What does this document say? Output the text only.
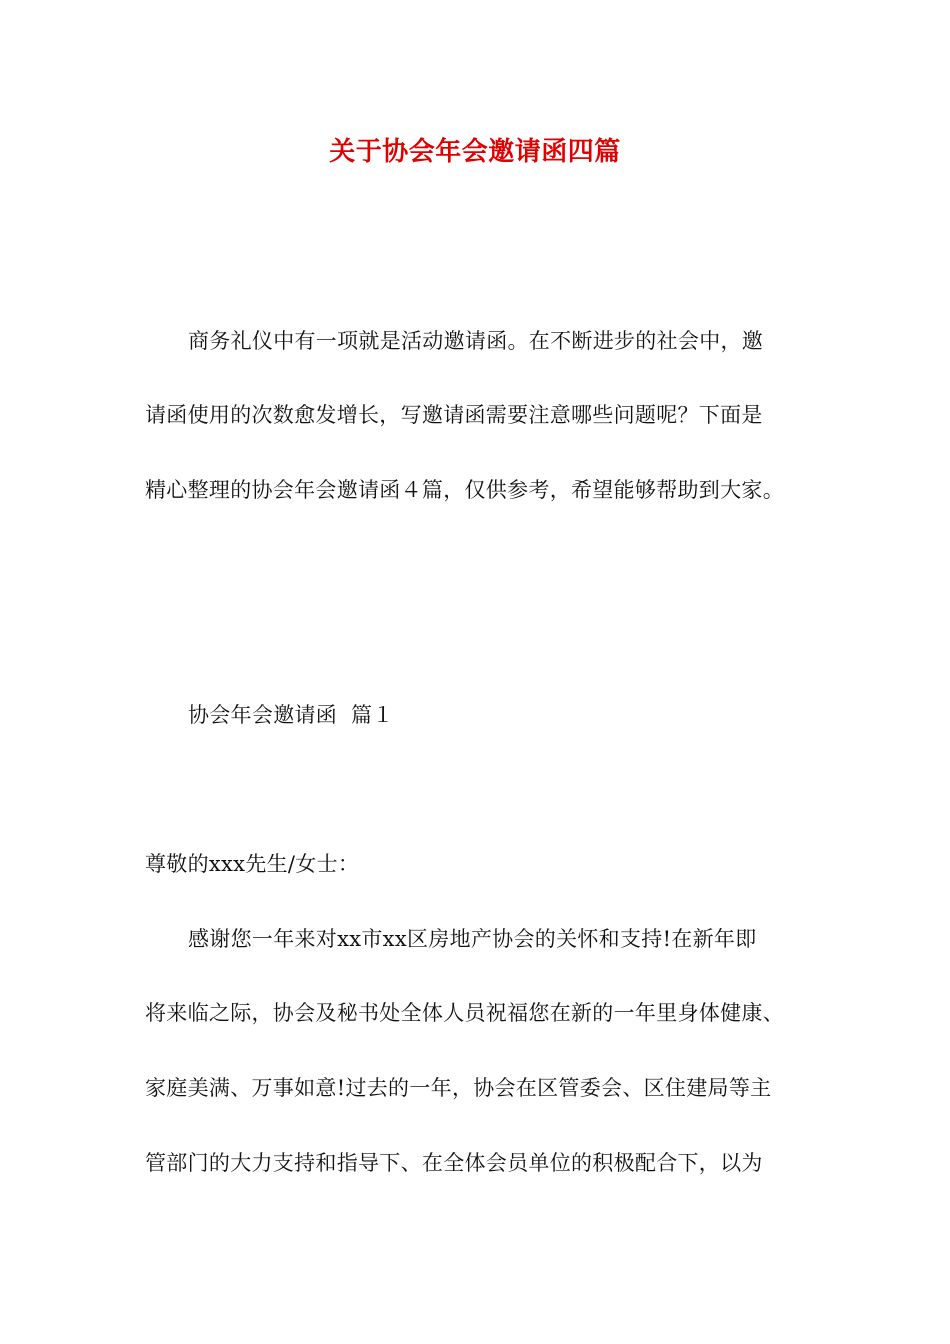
关于协会年会邀请函四篇
商务礼仪中有一项就是活动邀请函。在不断进步的社会中，邀
请函使用的次数愈发增长，写邀请函需要注意哪些问题呢？下面是
精心整理的协会年会邀请函４篇，仅供参考，希望能够帮助到大家。
协会年会邀请函  篇１
尊敬的xxx先生/女士：
感谢您一年来对xx市xx区房地产协会的关怀和支持!在新年即
将来临之际，协会及秘书处全体人员祝福您在新的一年里身体健康、
家庭美满、万事如意!过去的一年，协会在区管委会、区住建局等主
管部门的大力支持和指导下、在全体会员单位的积极配合下，以为
